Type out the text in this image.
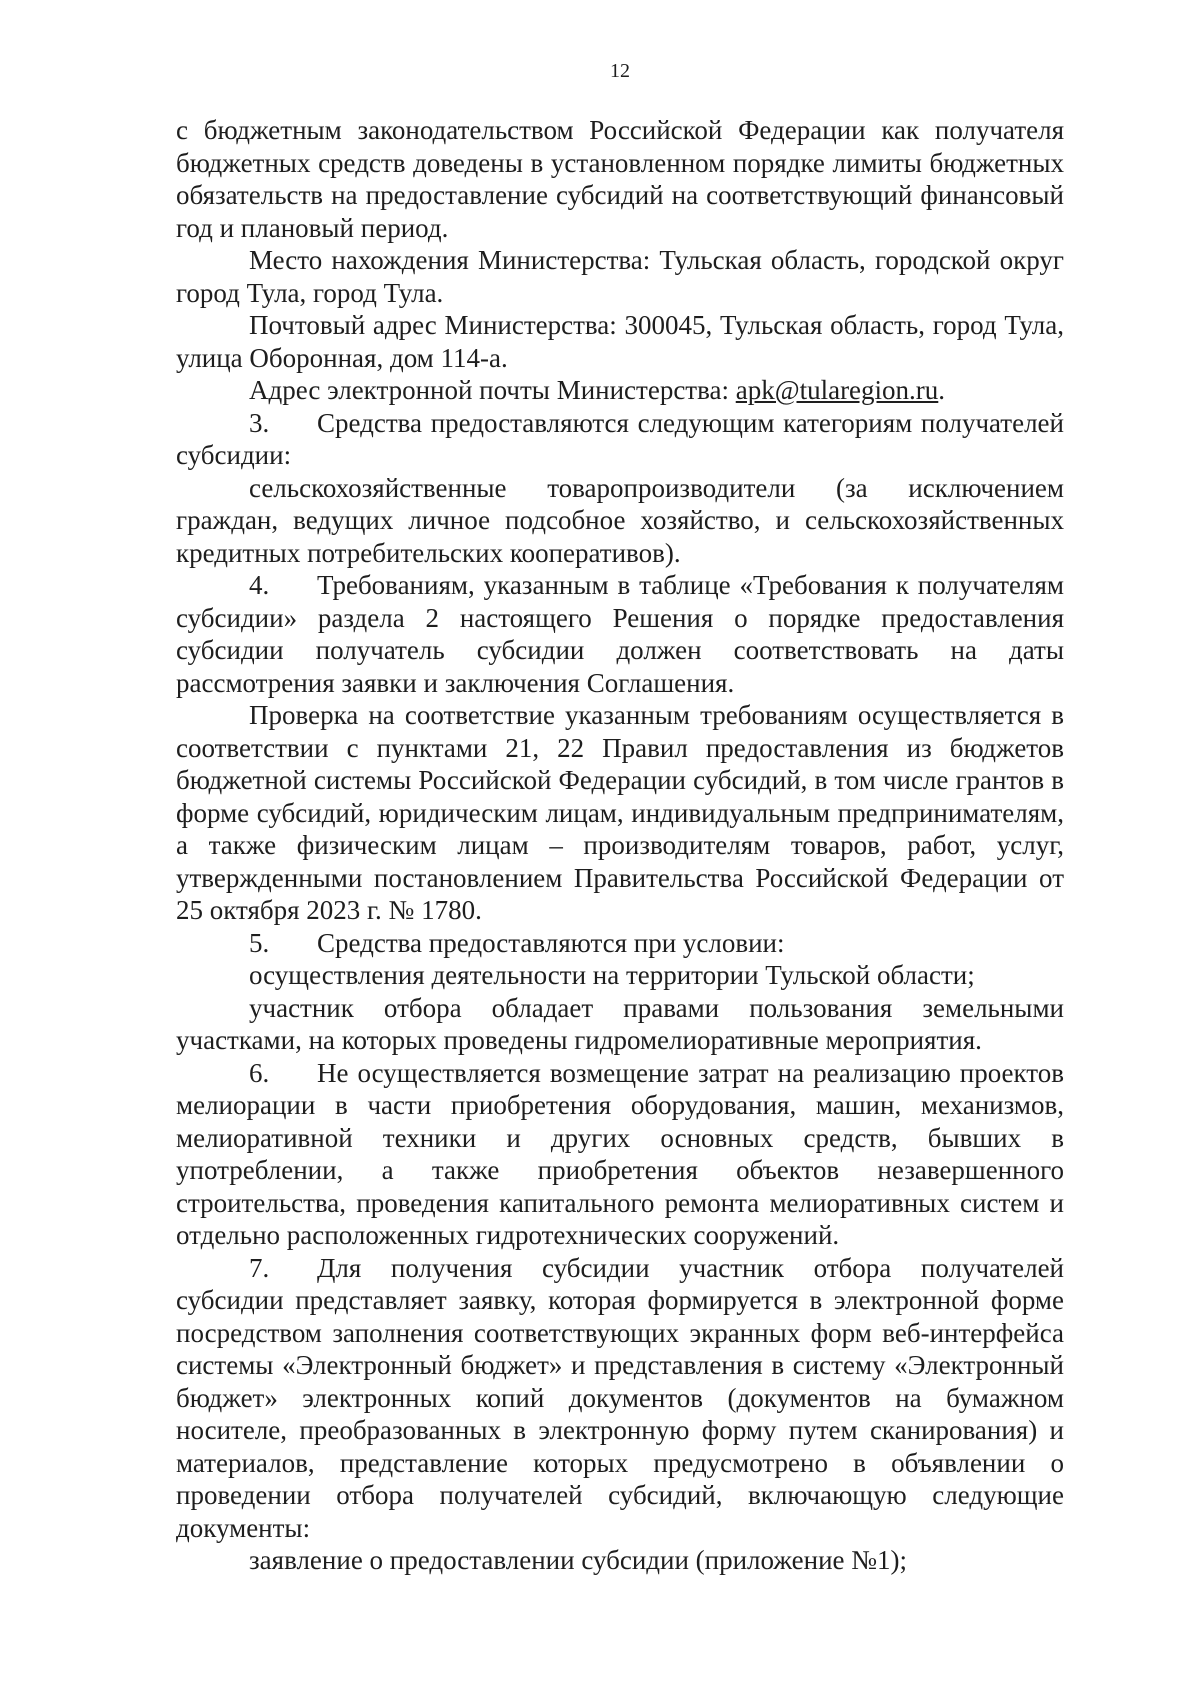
12

с бюджетным законодательством Российской Федерации как получателя бюджетных средств доведены в установленном порядке лимиты бюджетных обязательств на предоставление субсидий на соответствующий финансовый год и плановый период.

Место нахождения Министерства: Тульская область, городской округ город Тула, город Тула.

Почтовый адрес Министерства: 300045, Тульская область, город Тула, улица Оборонная, дом 114-а.

Адрес электронной почты Министерства: apk@tularegion.ru.

3. Средства предоставляются следующим категориям получателей субсидии:

сельскохозяйственные товаропроизводители (за исключением граждан, ведущих личное подсобное хозяйство, и сельскохозяйственных кредитных потребительских кооперативов).

4. Требованиям, указанным в таблице «Требования к получателям субсидии» раздела 2 настоящего Решения о порядке предоставления субсидии получатель субсидии должен соответствовать на даты рассмотрения заявки и заключения Соглашения.

Проверка на соответствие указанным требованиям осуществляется в соответствии с пунктами 21, 22 Правил предоставления из бюджетов бюджетной системы Российской Федерации субсидий, в том числе грантов в форме субсидий, юридическим лицам, индивидуальным предпринимателям, а также физическим лицам – производителям товаров, работ, услуг, утвержденными постановлением Правительства Российской Федерации от 25 октября 2023 г. № 1780.

5. Средства предоставляются при условии:

осуществления деятельности на территории Тульской области;

участник отбора обладает правами пользования земельными участками, на которых проведены гидромелиоративные мероприятия.

6. Не осуществляется возмещение затрат на реализацию проектов мелиорации в части приобретения оборудования, машин, механизмов, мелиоративной техники и других основных средств, бывших в употреблении, а также приобретения объектов незавершенного строительства, проведения капитального ремонта мелиоративных систем и отдельно расположенных гидротехнических сооружений.

7. Для получения субсидии участник отбора получателей субсидии представляет заявку, которая формируется в электронной форме посредством заполнения соответствующих экранных форм веб-интерфейса системы «Электронный бюджет» и представления в систему «Электронный бюджет» электронных копий документов (документов на бумажном носителе, преобразованных в электронную форму путем сканирования) и материалов, представление которых предусмотрено в объявлении о проведении отбора получателей субсидий, включающую следующие документы:

заявление о предоставлении субсидии (приложение №1);
